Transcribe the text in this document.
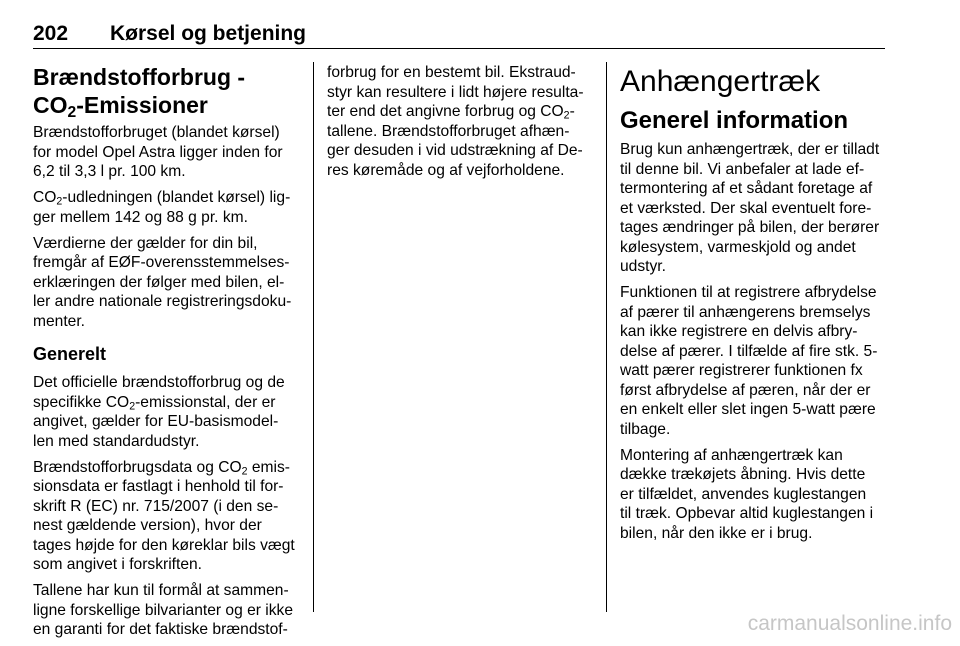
202 Kørsel og betjening
Brændstofforbrug -
$CO_2$-Emissioner

Brændstofforbruget (blandet kørsel)
for model Opel Astra ligger inden for
6,2 til 3,3 l pr. 100 km.

$CO_2$-udledningen (blandet kørsel) lig-
ger mellem 142 og 88 g pr. km.

Værdierne der gælder for din bil,
fremgår af EØF-overensstemmelses-
erklæringen der følger med bilen, el-
ler andre nationale registreringsdoku-
menter.

Generelt

Det officielle brændstofforbrug og de
specifikke $CO_2$-emissionstal, der er
angivet, gælder for EU-basismodel-
len med standardudstyr.

Brændstofforbrugsdata og $CO_2$ emis-
sionsdata er fastlagt i henhold til for-
skrift R (EC) nr. 715/2007 (i den se-
nest gældende version), hvor der
tages højde for den køreklar bils vægt
som angivet i forskriften.

Tallene har kun til formål at sammen-
ligne forskellige bilvarianter og er ikke
en garanti for det faktiske brændstof-

forbrug for en bestemt bil. Ekstraud-
styr kan resultere i lidt højere resulta-
ter end det angivne forbrug og $CO_2-$
tallene. Brændstofforbruget afhæn-
ger desuden i vid udstrækning af De-
res køremåde og af vejforholdene.

Anhængertræk
Generel information

Brug kun anhængertræk, der er tilladt
til denne bil. Vi anbefaler at lade ef-
termontering af et sådant foretage af
et værksted. Der skal eventuelt fore-
tages ændringer på bilen, der berører
kølesystem, varmeskjold og andet
udstyr.

Funktionen til at registrere afbrydelse
af pærer til anhængerens bremselys
kan ikke registrere en delvis afbry-
delse af pærer. I tilfælde af fire stk. 5-
watt pærer registrerer funktionen fx
først afbrydelse af pæren, når der er
en enkelt eller slet ingen 5-watt pære
tilbage.

Montering af anhængertræk kan
dække trækøjets åbning. Hvis dette
er tilfældet, anvendes kuglestangen
til træk. Opbevar altid kuglestangen i
bilen, når den ikke er i brug.

carmanualsonline.info
